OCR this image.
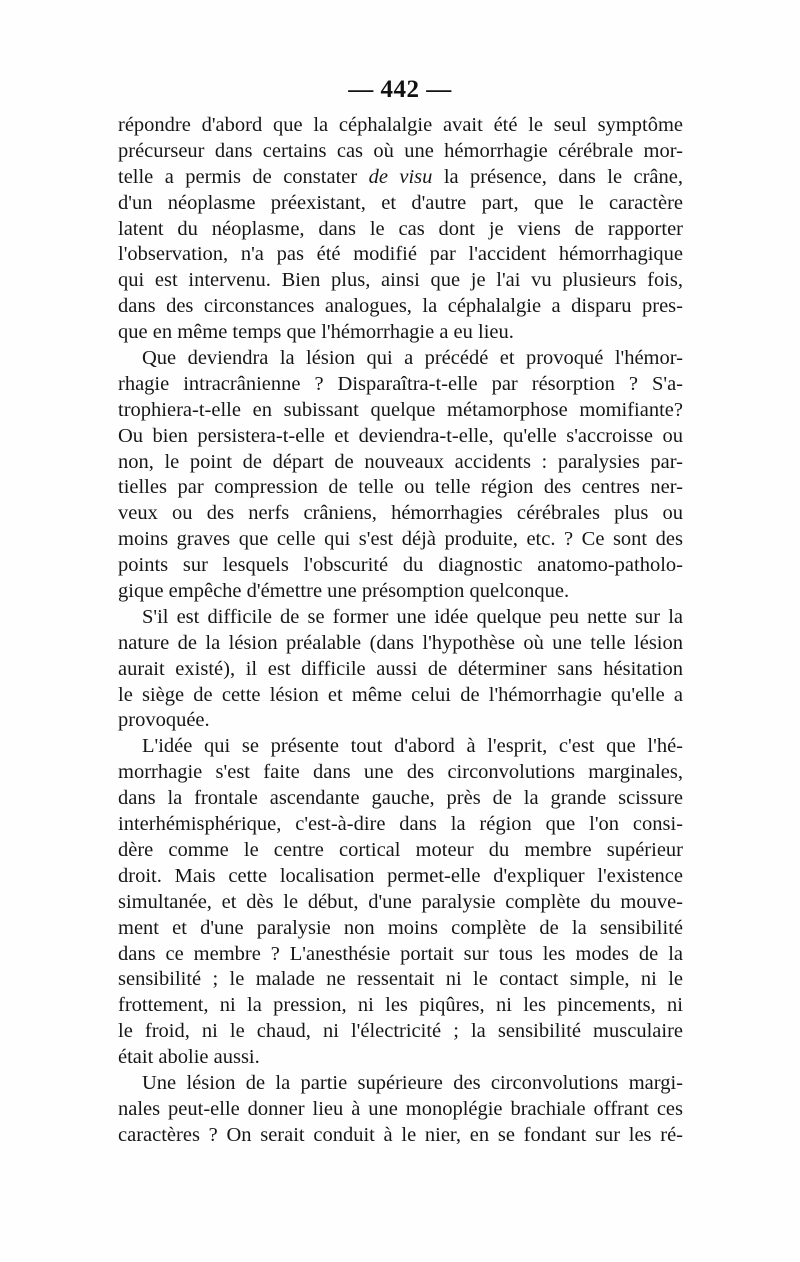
— 442 —
répondre d'abord que la céphalalgie avait été le seul symptôme
précurseur dans certains cas où une hémorrhagie cérébrale mor-
telle a permis de constater de visu la présence, dans le crâne,
d'un néoplasme préexistant, et d'autre part, que le caractère
latent du néoplasme, dans le cas dont je viens de rapporter
l'observation, n'a pas été modifié par l'accident hémorrhagique
qui est intervenu. Bien plus, ainsi que je l'ai vu plusieurs fois,
dans des circonstances analogues, la céphalalgie a disparu pres-
que en même temps que l'hémorrhagie a eu lieu.
Que deviendra la lésion qui a précédé et provoqué l'hémor-
rhagie intracrânienne ? Disparaîtra-t-elle par résorption ? S'a-
trophiera-t-elle en subissant quelque métamorphose momifiante?
Ou bien persistera-t-elle et deviendra-t-elle, qu'elle s'accroisse ou
non, le point de départ de nouveaux accidents : paralysies par-
tielles par compression de telle ou telle région des centres ner-
veux ou des nerfs crâniens, hémorrhagies cérébrales plus ou
moins graves que celle qui s'est déjà produite, etc. ? Ce sont des
points sur lesquels l'obscurité du diagnostic anatomo-patholo-
gique empêche d'émettre une présomption quelconque.
S'il est difficile de se former une idée quelque peu nette sur la
nature de la lésion préalable (dans l'hypothèse où une telle lésion
aurait existé), il est difficile aussi de déterminer sans hésitation
le siège de cette lésion et même celui de l'hémorrhagie qu'elle a
provoquée.
L'idée qui se présente tout d'abord à l'esprit, c'est que l'hé-
morrhagie s'est faite dans une des circonvolutions marginales,
dans la frontale ascendante gauche, près de la grande scissure
interhémisphérique, c'est-à-dire dans la région que l'on consi-
dère comme le centre cortical moteur du membre supérieur
droit. Mais cette localisation permet-elle d'expliquer l'existence
simultanée, et dès le début, d'une paralysie complète du mouve-
ment et d'une paralysie non moins complète de la sensibilité
dans ce membre ? L'anesthésie portait sur tous les modes de la
sensibilité ; le malade ne ressentait ni le contact simple, ni le
frottement, ni la pression, ni les piqûres, ni les pincements, ni
le froid, ni le chaud, ni l'électricité ; la sensibilité musculaire
était abolie aussi.
Une lésion de la partie supérieure des circonvolutions margi-
nales peut-elle donner lieu à une monoplégie brachiale offrant ces
caractères ? On serait conduit à le nier, en se fondant sur les ré-
